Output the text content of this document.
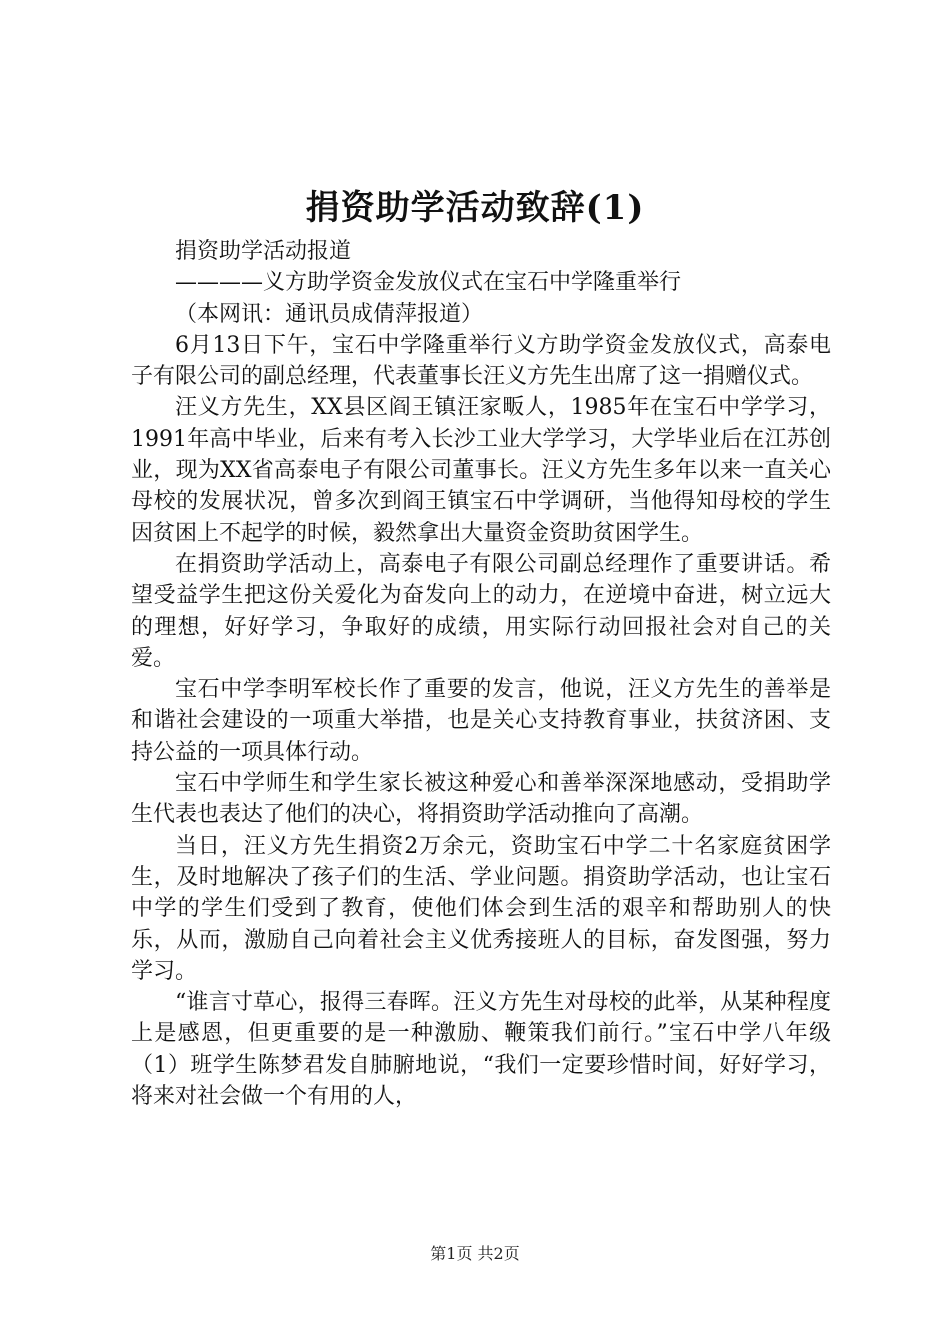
捐资助学活动致辞(1)

捐资助学活动报道

————义方助学资金发放仪式在宝石中学隆重举行

（本网讯：通讯员成倩萍报道）

6月13日下午，宝石中学隆重举行义方助学资金发放仪式，高泰电子有限公司的副总经理，代表董事长汪义方先生出席了这一捐赠仪式。

汪义方先生，XX县区阎王镇汪家畈人，1985年在宝石中学学习，1991年高中毕业，后来有考入长沙工业大学学习，大学毕业后在江苏创业，现为XX省高泰电子有限公司董事长。汪义方先生多年以来一直关心母校的发展状况，曾多次到阎王镇宝石中学调研，当他得知母校的学生因贫困上不起学的时候，毅然拿出大量资金资助贫困学生。

在捐资助学活动上，高泰电子有限公司副总经理作了重要讲话。希望受益学生把这份关爱化为奋发向上的动力，在逆境中奋进，树立远大的理想，好好学习，争取好的成绩，用实际行动回报社会对自己的关爱。

宝石中学李明军校长作了重要的发言，他说，汪义方先生的善举是和谐社会建设的一项重大举措，也是关心支持教育事业，扶贫济困、支持公益的一项具体行动。

宝石中学师生和学生家长被这种爱心和善举深深地感动，受捐助学生代表也表达了他们的决心，将捐资助学活动推向了高潮。

当日，汪义方先生捐资2万余元，资助宝石中学二十名家庭贫困学生，及时地解决了孩子们的生活、学业问题。捐资助学活动，也让宝石中学的学生们受到了教育，使他们体会到生活的艰辛和帮助别人的快乐，从而，激励自己向着社会主义优秀接班人的目标，奋发图强，努力学习。

“谁言寸草心，报得三春晖。汪义方先生对母校的此举，从某种程度上是感恩，但更重要的是一种激励、鞭策我们前行。”宝石中学八年级（1）班学生陈梦君发自肺腑地说，“我们一定要珍惜时间，好好学习，将来对社会做一个有用的人，

第1页 共2页
